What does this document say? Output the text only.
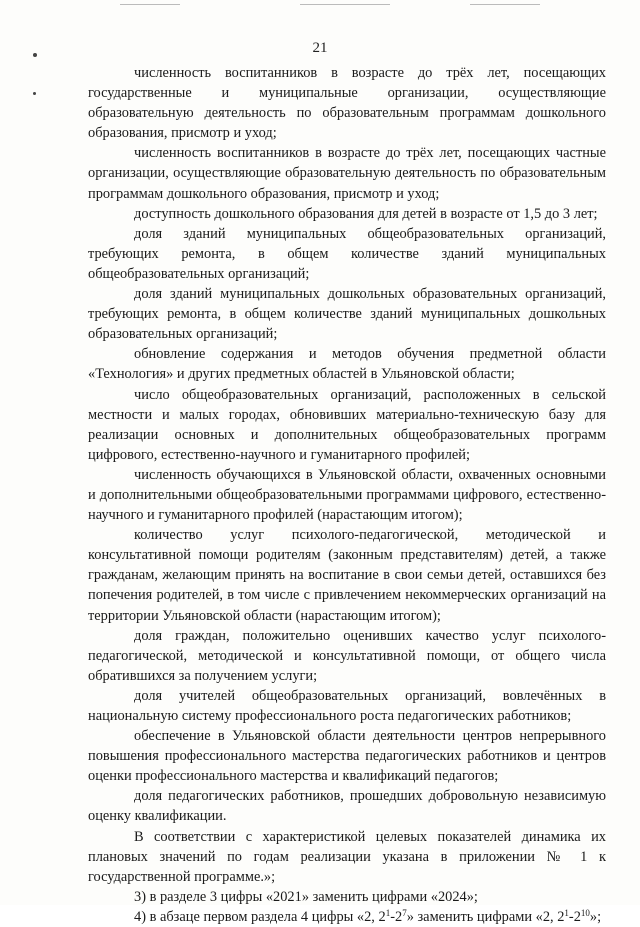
21

численность воспитанников в возрасте до трёх лет, посещающих государственные и муниципальные организации, осуществляющие образовательную деятельность по образовательным программам дошкольного образования, присмотр и уход;

численность воспитанников в возрасте до трёх лет, посещающих частные организации, осуществляющие образовательную деятельность по образовательным программам дошкольного образования, присмотр и уход;

доступность дошкольного образования для детей в возрасте от 1,5 до 3 лет;

доля зданий муниципальных общеобразовательных организаций, требующих ремонта, в общем количестве зданий муниципальных общеобразовательных организаций;

доля зданий муниципальных дошкольных образовательных организаций, требующих ремонта, в общем количестве зданий муниципальных дошкольных образовательных организаций;

обновление содержания и методов обучения предметной области «Технология» и других предметных областей в Ульяновской области;

число общеобразовательных организаций, расположенных в сельской местности и малых городах, обновивших материально-техническую базу для реализации основных и дополнительных общеобразовательных программ цифрового, естественно-научного и гуманитарного профилей;

численность обучающихся в Ульяновской области, охваченных основными и дополнительными общеобразовательными программами цифрового, естественно-научного и гуманитарного профилей (нарастающим итогом);

количество услуг психолого-педагогической, методической и консультативной помощи родителям (законным представителям) детей, а также гражданам, желающим принять на воспитание в свои семьи детей, оставшихся без попечения родителей, в том числе с привлечением некоммерческих организаций на территории Ульяновской области (нарастающим итогом);

доля граждан, положительно оценивших качество услуг психолого-педагогической, методической и консультативной помощи, от общего числа обратившихся за получением услуги;

доля учителей общеобразовательных организаций, вовлечённых в национальную систему профессионального роста педагогических работников;

обеспечение в Ульяновской области деятельности центров непрерывного повышения профессионального мастерства педагогических работников и центров оценки профессионального мастерства и квалификаций педагогов;

доля педагогических работников, прошедших добровольную независимую оценку квалификации.

В соответствии с характеристикой целевых показателей динамика их плановых значений по годам реализации указана в приложении № 1 к государственной программе.»;

3) в разделе 3 цифры «2021» заменить цифрами «2024»;

4) в абзаце первом раздела 4 цифры «2, $2^1-2^7$» заменить цифрами «2, $2^1-2^{10}$»;
